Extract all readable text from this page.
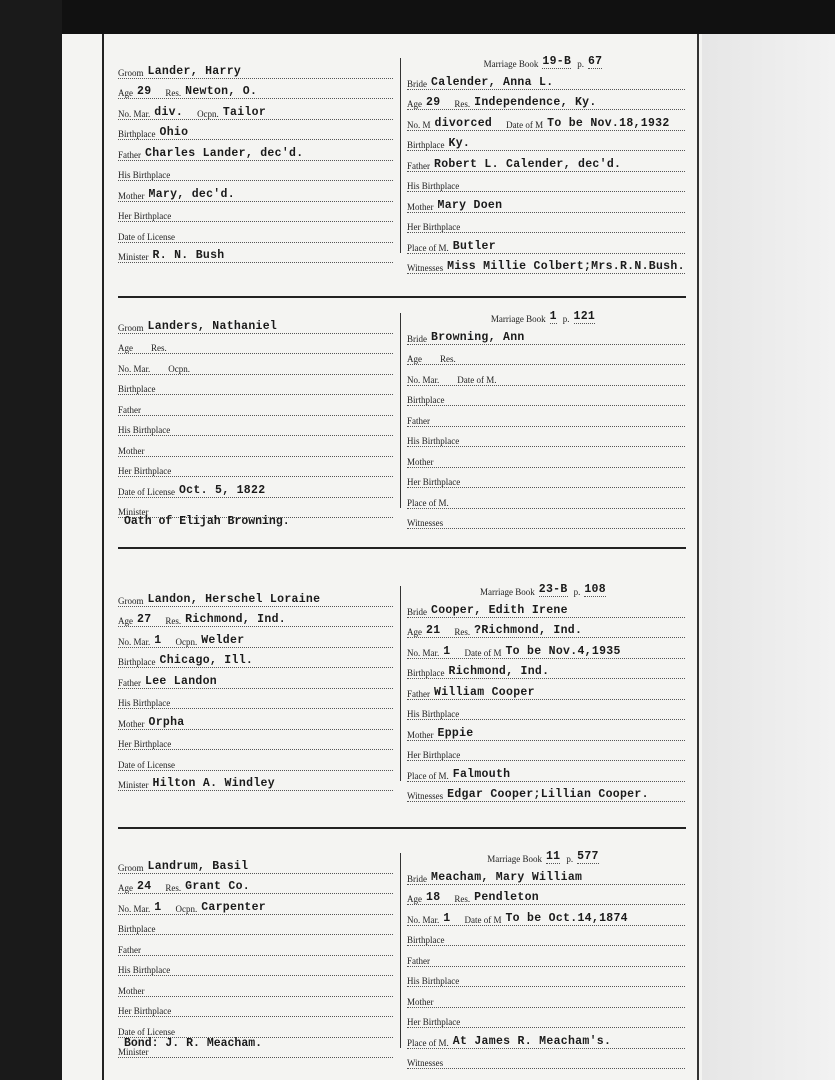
Groom Lander, Harry
Age 29 Res. Newton, O.
No. Mar. div. Ocpn. Tailor
Birthplace Ohio
Father Charles Lander, dec'd.
His Birthplace
Mother Mary, dec'd.
Her Birthplace
Date of License
Minister R. N. Bush
Marriage Book 19-B p. 67
Bride Calender, Anna L.
Age 29 Res. Independence, Ky.
No. M divorced Date of M To be Nov.18,1932
Birthplace Ky.
Father Robert L. Calender, dec'd.
His Birthplace
Mother Mary Doen
Her Birthplace
Place of M. Butler
Witnesses Miss Millie Colbert;Mrs.R.N.Bush.
Groom Landers, Nathaniel
Age Res.
No. Mar. Ocpn.
Birthplace
Father
His Birthplace
Mother
Her Birthplace
Date of License Oct. 5, 1822
Minister
Marriage Book 1 p. 121
Bride Browning, Ann
Age Res.
No. Mar. Date of M.
Birthplace
Father
His Birthplace
Mother
Her Birthplace
Place of M.
Witnesses
Oath of Elijah Browning.
Groom Landon, Herschel Loraine
Age 27 Res. Richmond, Ind.
No. Mar. 1 Ocpn. Welder
Birthplace Chicago, Ill.
Father Lee Landon
His Birthplace
Mother Orpha
Her Birthplace
Date of License
Minister Hilton A. Windley
Marriage Book 23-B p. 108
Bride Cooper, Edith Irene
Age 21 Res. ?Richmond, Ind.
No. Mar. 1 Date of M To be Nov.4,1935
Birthplace Richmond, Ind.
Father William Cooper
His Birthplace
Mother Eppie
Her Birthplace
Place of M. Falmouth
Witnesses Edgar Cooper;Lillian Cooper.
Groom Landrum, Basil
Age 24 Res. Grant Co.
No. Mar. 1 Ocpn. Carpenter
Birthplace
Father
His Birthplace
Mother
Her Birthplace
Date of License
Minister
Marriage Book 11 p. 577
Bride Meacham, Mary William
Age 18 Res. Pendleton
No. Mar. 1 Date of M To be Oct.14,1874
Birthplace
Father
His Birthplace
Mother
Her Birthplace
Place of M. At James R. Meacham's.
Witnesses
Bond: J. R. Meacham.
